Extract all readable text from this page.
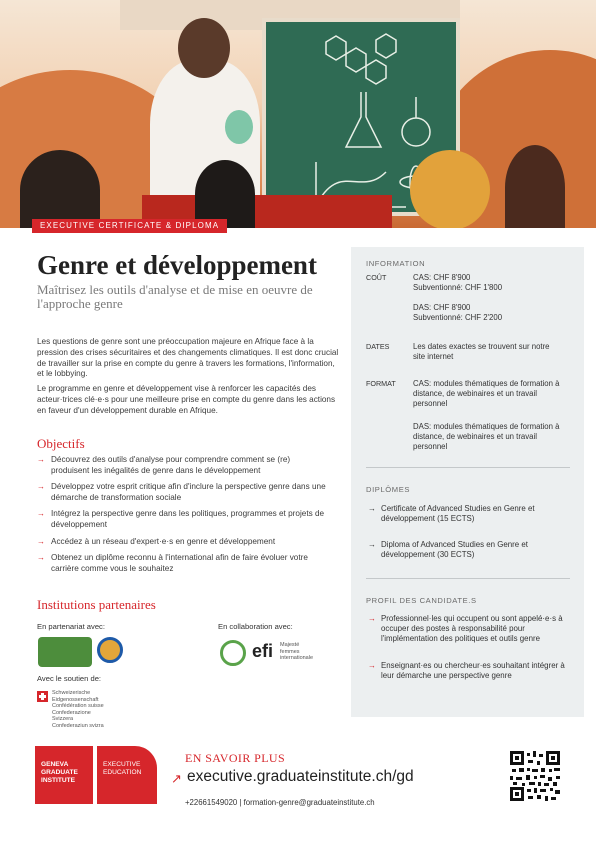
EXECUTIVE CERTIFICATE & DIPLOMA
Genre et développement
Maîtrisez les outils d'analyse et de mise en oeuvre de l'approche genre

Les questions de genre sont une préoccupation majeure en Afrique face à la pression des crises sécuritaires et des changements climatiques. Il est donc crucial de travailler sur la prise en compte du genre à travers les formations, l'information, et le lobbying.

Le programme en genre et développement vise à renforcer les capacités des acteur·trices clé·e·s pour une meilleure prise en compte du genre dans les actions en faveur d'un développement durable en Afrique.

Objectifs
→ Découvrez des outils d'analyse pour comprendre comment se (re) produisent les inégalités de genre dans le développement
→ Développez votre esprit critique afin d'inclure la perspective genre dans une démarche de transformation sociale
→ Intégrez la perspective genre dans les politiques, programmes et projets de développement
→ Accédez à un réseau d'expert·e·s en genre et développement
→ Obtenez un diplôme reconnu à l'international afin de faire évoluer votre carrière comme vous le souhaitez
Institutions partenaires
En partenariat avec:	En collaboration avec:
efi Majesté femmes internationale
Avec le soutien de:
Schweizerische Eidgenossenschaft Confédération suisse Confederazione Svizzera Confederaziun svizra
INFORMATION
COÛT	CAS: CHF 8'900
Subventionné: CHF 1'800
DAS: CHF 8'900
Subventionné: CHF 2'200
DATES	Les dates exactes se trouvent sur notre site internet
FORMAT CAS: modules thématiques de formation à distance, de webinaires et un travail personnel
DAS: modules thématiques de formation à distance, de webinaires et un travail personnel
DIPLÔMES
→ Certificate of Advanced Studies en Genre et développement (15 ECTS)
→ Diploma of Advanced Studies en Genre et développement (30 ECTS)
PROFIL DES CANDIDATE.S
→ Professionnel·les qui occupent ou sont appelé·e·s à occuper des postes à responsabilité pour l'implémentation des politiques et outils genre
→ Enseignant·es ou chercheur·es souhaitant intégrer à leur démarche une perspective genre
GENEVA GRADUATE INSTITUTE
EXECUTIVE EDUCATION
EN SAVOIR PLUS
↗ executive.graduateinstitute.ch/gd
+22661549020 | formation-genre@graduateinstitute.ch
